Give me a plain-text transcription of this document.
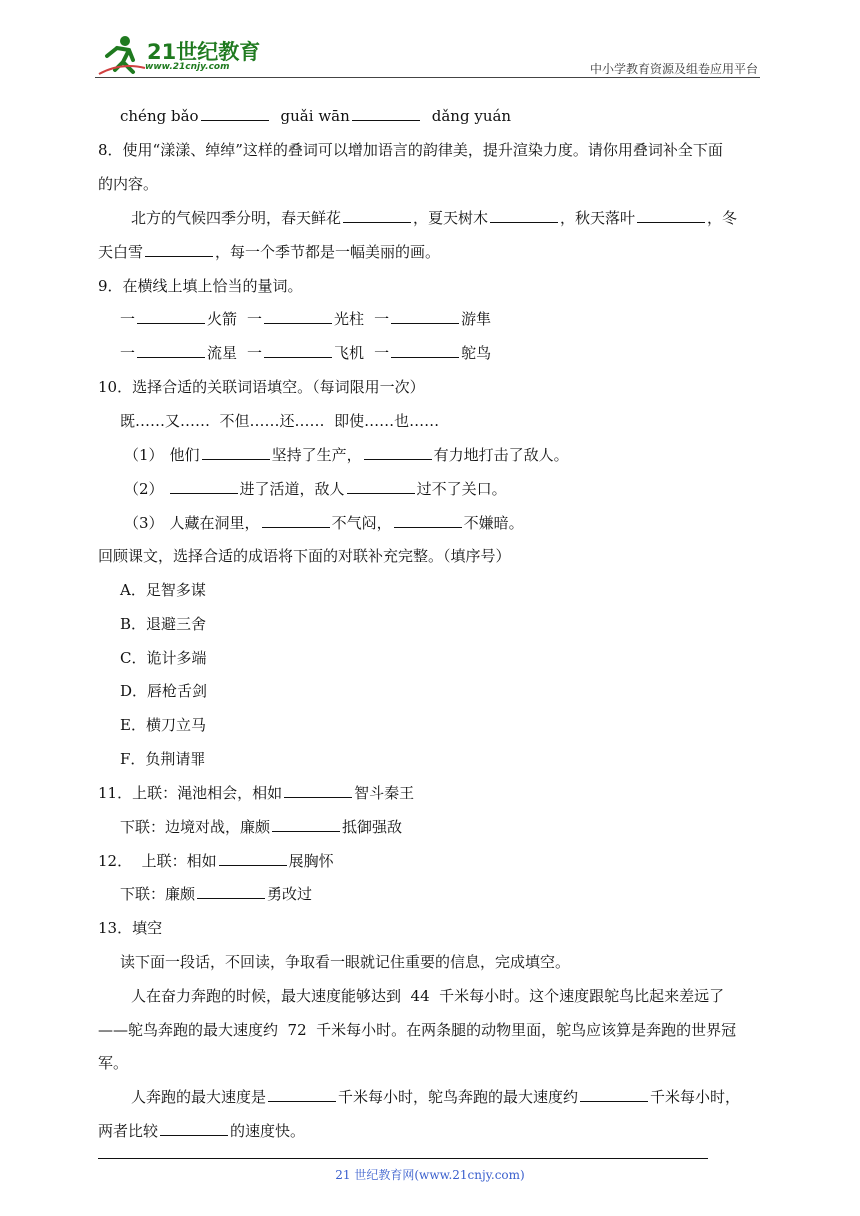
21世纪教育
www.21cnjy.com	中小学教育资源及组卷应用平台
chéng bǎo	guǎi wān	dǎng yuán
8．使用“漾漾、绰绰”这样的叠词可以增加语言的韵律美，提升渲染力度。请你用叠词补全下面
的内容。
北方的气候四季分明，春天鲜花	，夏天树木	，秋天落叶	，冬
天白雪	，每一个季节都是一幅美丽的画。
9．在横线上填上恰当的量词。
一	火箭 一	光柱 一	游隼
一	流星 一	飞机 一	鸵鸟
10．选择合适的关联词语填空。（每词限用一次）
既……又……  不但……还……  即使……也……
（1） 他们	坚持了生产，	有力地打击了敌人。
（2）	进了活道，敌人	过不了关口。
（3） 人藏在洞里，	不气闷，	不嫌暗。
回顾课文，选择合适的成语将下面的对联补充完整。（填序号）
A．足智多谋
B．退避三舍
C．诡计多端
D．唇枪舌剑
E．横刀立马
F．负荆请罪
11．上联：渑池相会，相如	智斗秦王
下联：边境对战，廉颇	抵御强敌
12．  上联：相如	展胸怀
下联：廉颇	勇改过
13．填空
读下面一段话，不回读，争取看一眼就记住重要的信息，完成填空。
人在奋力奔跑的时候，最大速度能够达到  44  千米每小时。这个速度跟鸵鸟比起来差远了
——鸵鸟奔跑的最大速度约  72  千米每小时。在两条腿的动物里面，鸵鸟应该算是奔跑的世界冠
军。
人奔跑的最大速度是	千米每小时，鸵鸟奔跑的最大速度约	千米每小时，
两者比较	的速度快。
21 世纪教育网(www.21cnjy.com)
